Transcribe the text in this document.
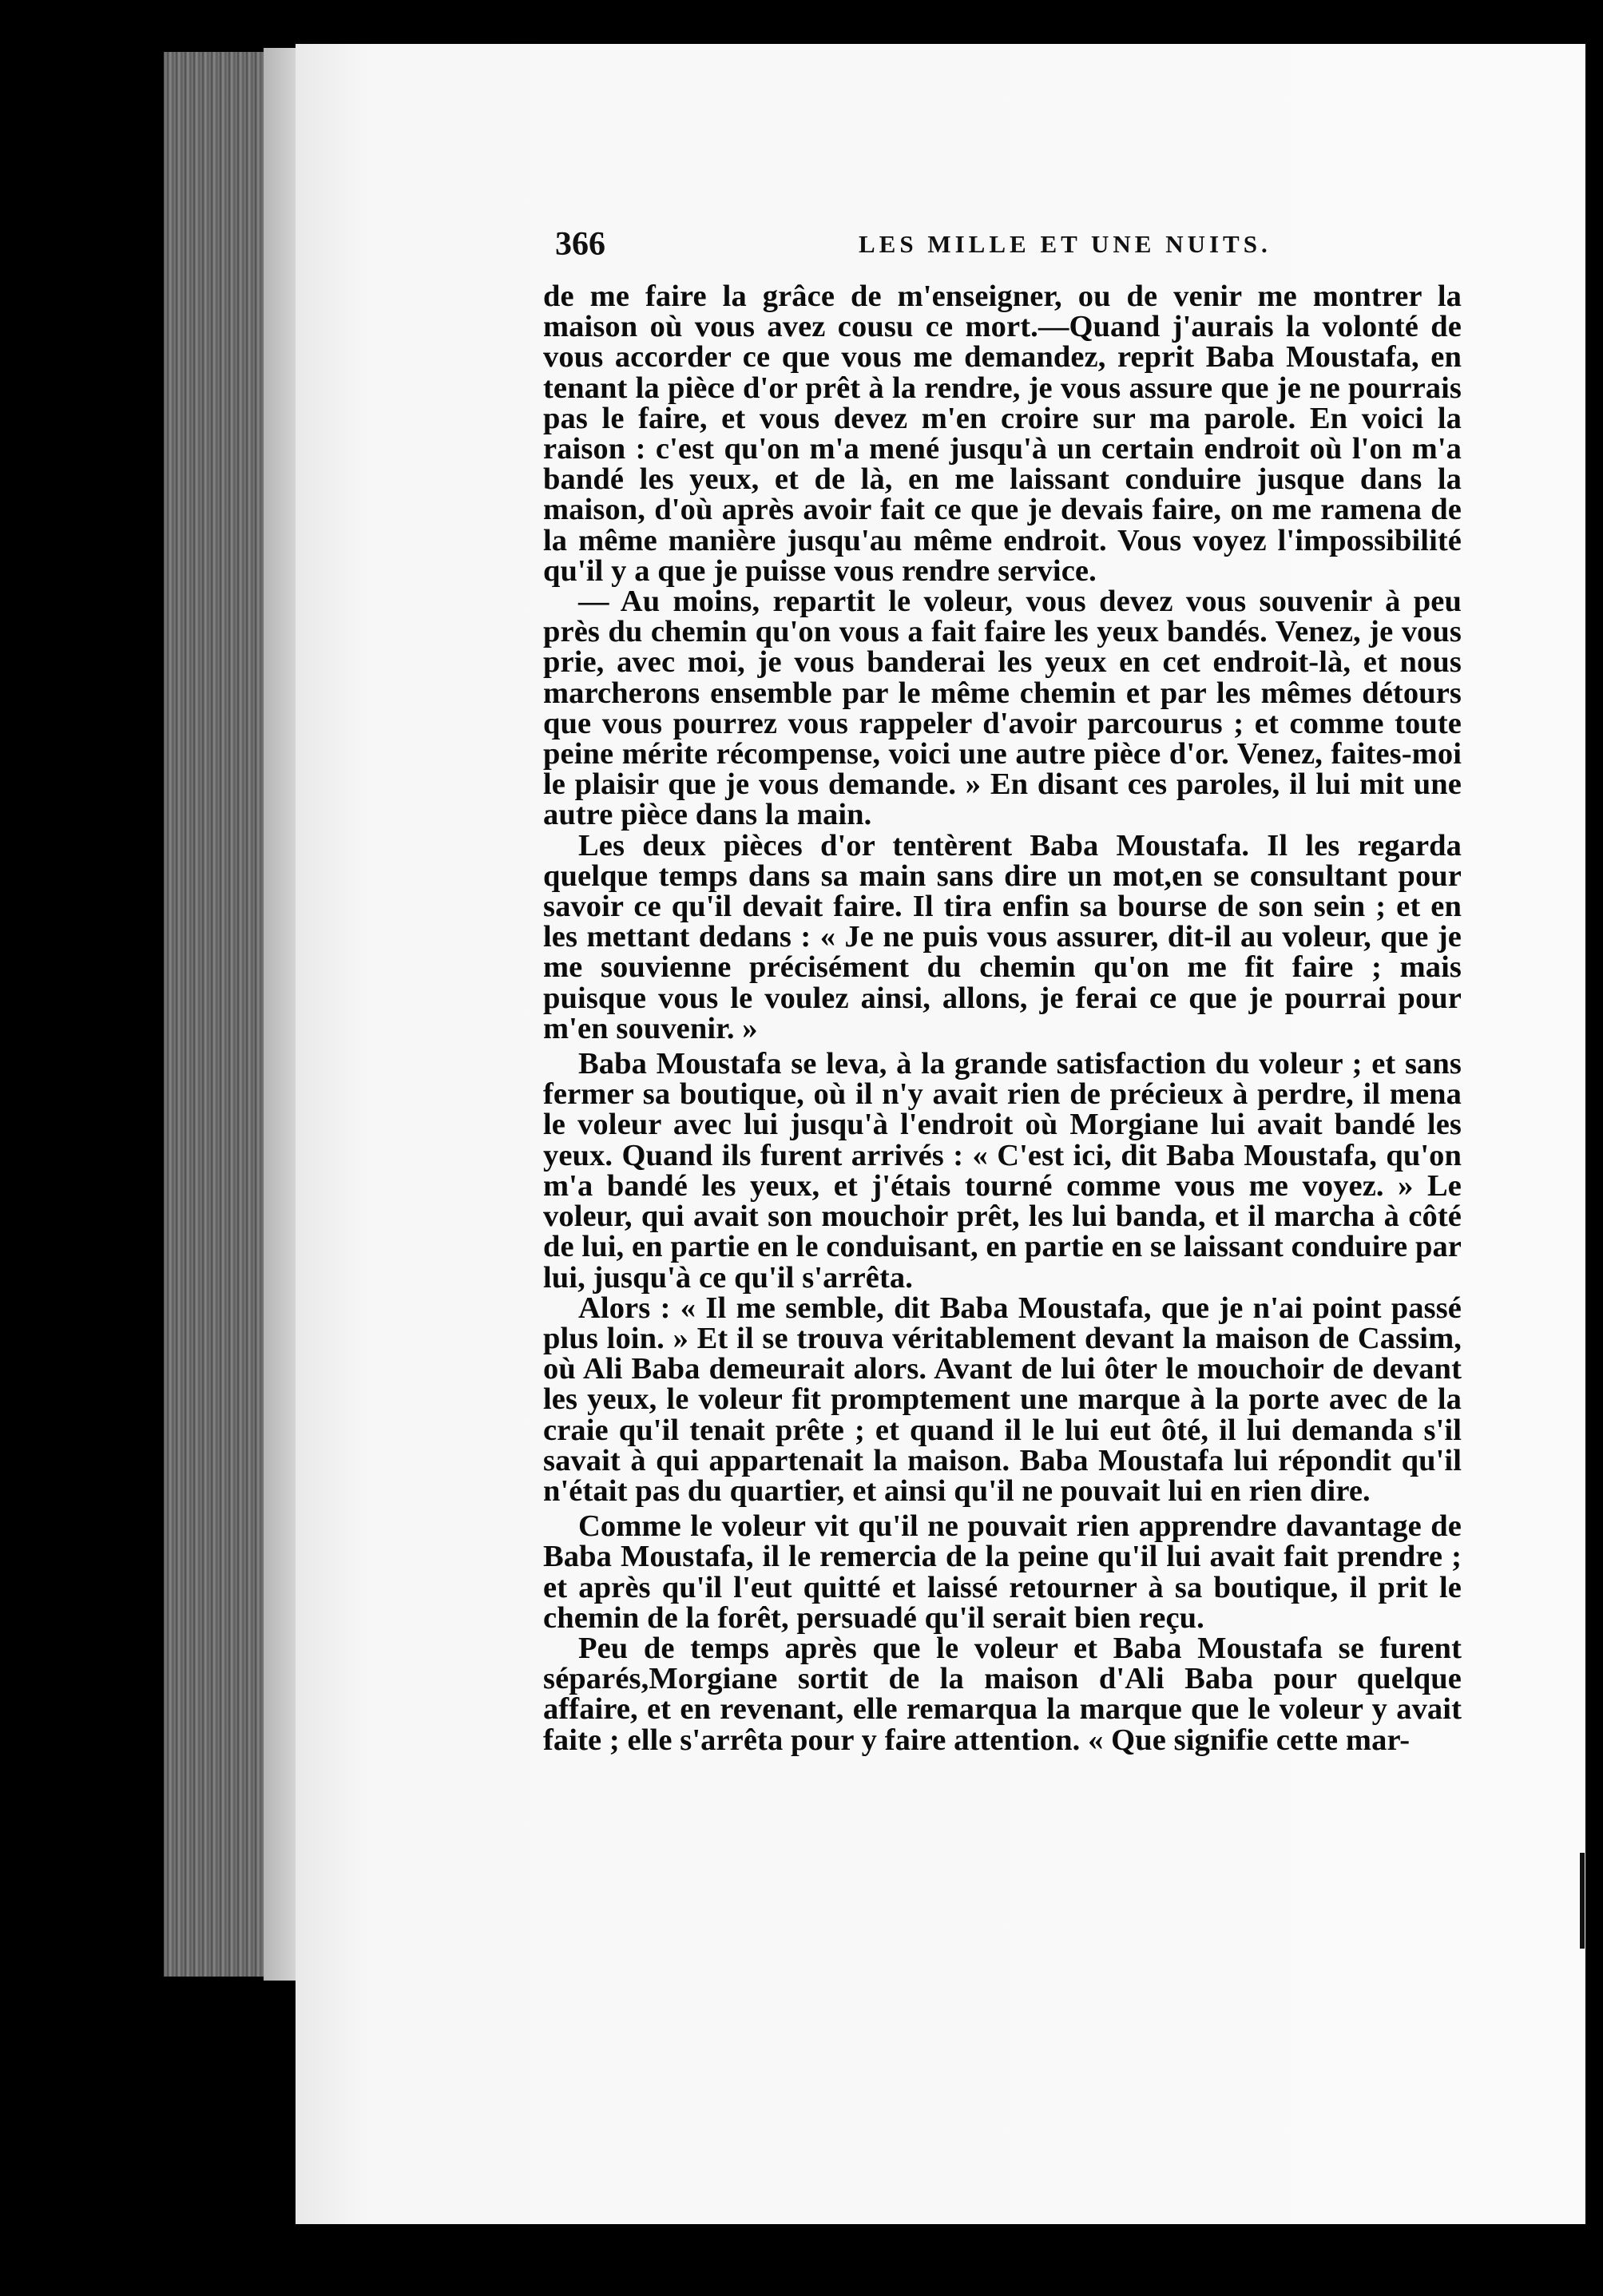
366	LES MILLE ET UNE NUITS.

de me faire la grâce de m'enseigner, ou de venir me montrer la maison où vous avez cousu ce mort.—Quand j'aurais la volonté de vous accorder ce que vous me demandez, reprit Baba Moustafa, en tenant la pièce d'or prêt à la rendre, je vous assure que je ne pourrais pas le faire, et vous devez m'en croire sur ma parole. En voici la raison : c'est qu'on m'a mené jusqu'à un certain endroit où l'on m'a bandé les yeux, et de là, en me laissant conduire jusque dans la maison, d'où après avoir fait ce que je devais faire, on me ramena de la même manière jusqu'au même endroit. Vous voyez l'impossibilité qu'il y a que je puisse vous rendre service.

— Au moins, repartit le voleur, vous devez vous souvenir à peu près du chemin qu'on vous a fait faire les yeux bandés. Venez, je vous prie, avec moi, je vous banderai les yeux en cet endroit-là, et nous marcherons ensemble par le même chemin et par les mêmes détours que vous pourrez vous rappeler d'avoir parcourus ; et comme toute peine mérite récompense, voici une autre pièce d'or. Venez, faites-moi le plaisir que je vous demande. » En disant ces paroles, il lui mit une autre pièce dans la main.

Les deux pièces d'or tentèrent Baba Moustafa. Il les regarda quelque temps dans sa main sans dire un mot,en se consultant pour savoir ce qu'il devait faire. Il tira enfin sa bourse de son sein ; et en les mettant dedans : « Je ne puis vous assurer, dit-il au voleur, que je me souvienne précisément du chemin qu'on me fit faire ; mais puisque vous le voulez ainsi, allons, je ferai ce que je pourrai pour m'en souvenir. »

Baba Moustafa se leva, à la grande satisfaction du voleur ; et sans fermer sa boutique, où il n'y avait rien de précieux à perdre, il mena le voleur avec lui jusqu'à l'endroit où Morgiane lui avait bandé les yeux. Quand ils furent arrivés : « C'est ici, dit Baba Moustafa, qu'on m'a bandé les yeux, et j'étais tourné comme vous me voyez. » Le voleur, qui avait son mouchoir prêt, les lui banda, et il marcha à côté de lui, en partie en le conduisant, en partie en se laissant conduire par lui, jusqu'à ce qu'il s'arrêta.

Alors : « Il me semble, dit Baba Moustafa, que je n'ai point passé plus loin. » Et il se trouva véritablement devant la maison de Cassim, où Ali Baba demeurait alors. Avant de lui ôter le mouchoir de devant les yeux, le voleur fit promptement une marque à la porte avec de la craie qu'il tenait prête ; et quand il le lui eut ôté, il lui demanda s'il savait à qui appartenait la maison. Baba Moustafa lui répondit qu'il n'était pas du quartier, et ainsi qu'il ne pouvait lui en rien dire.

Comme le voleur vit qu'il ne pouvait rien apprendre davantage de Baba Moustafa, il le remercia de la peine qu'il lui avait fait prendre ; et après qu'il l'eut quitté et laissé retourner à sa boutique, il prit le chemin de la forêt, persuadé qu'il serait bien reçu.

Peu de temps après que le voleur et Baba Moustafa se furent séparés,Morgiane sortit de la maison d'Ali Baba pour quelque affaire, et en revenant, elle remarqua la marque que le voleur y avait faite ; elle s'arrêta pour y faire attention. « Que signifie cette mar-
